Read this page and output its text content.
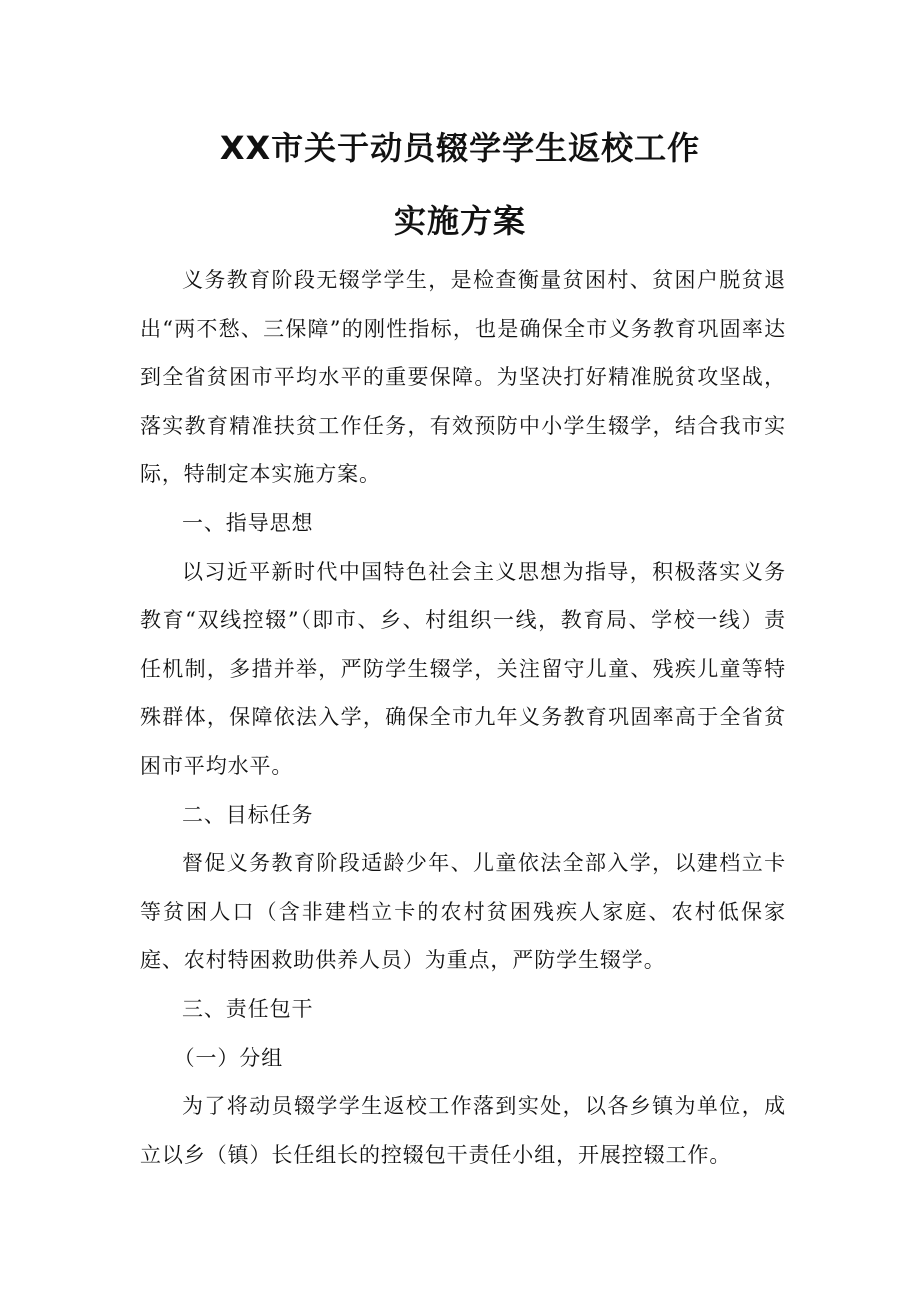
XX市关于动员辍学学生返校工作
实施方案

义务教育阶段无辍学学生，是检查衡量贫困村、贫困户脱贫退出“两不愁、三保障”的刚性指标，也是确保全市义务教育巩固率达到全省贫困市平均水平的重要保障。为坚决打好精准脱贫攻坚战，落实教育精准扶贫工作任务，有效预防中小学生辍学，结合我市实际，特制定本实施方案。

一、指导思想

以习近平新时代中国特色社会主义思想为指导，积极落实义务教育“双线控辍”（即市、乡、村组织一线，教育局、学校一线）责任机制，多措并举，严防学生辍学，关注留守儿童、残疾儿童等特殊群体，保障依法入学，确保全市九年义务教育巩固率高于全省贫困市平均水平。

二、目标任务

督促义务教育阶段适龄少年、儿童依法全部入学，以建档立卡等贫困人口（含非建档立卡的农村贫困残疾人家庭、农村低保家庭、农村特困救助供养人员）为重点，严防学生辍学。

三、责任包干

（一）分组

为了将动员辍学学生返校工作落到实处，以各乡镇为单位，成立以乡（镇）长任组长的控辍包干责任小组，开展控辍工作。
